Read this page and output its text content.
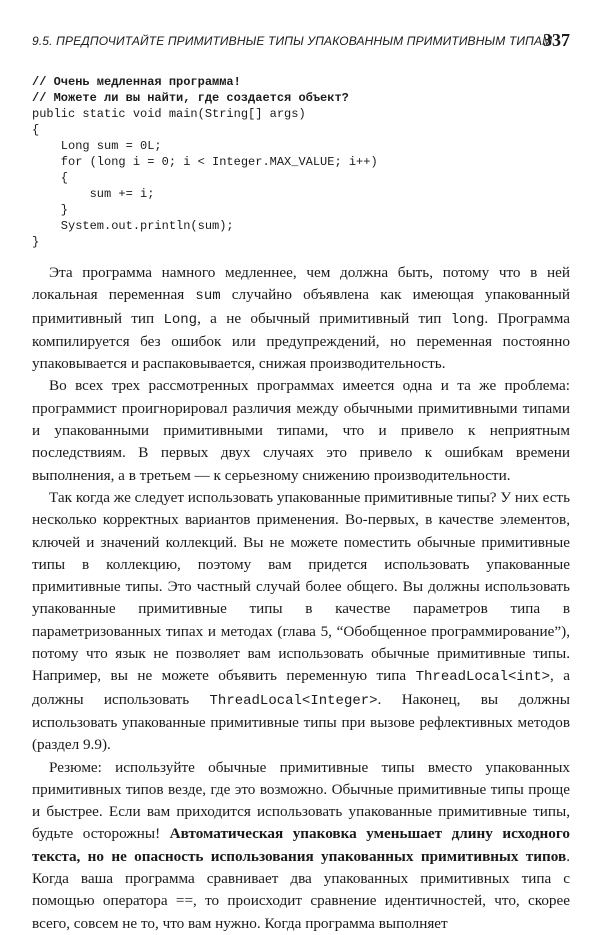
9.5. ПРЕДПОЧИТАЙТЕ ПРИМИТИВНЫЕ ТИПЫ УПАКОВАННЫМ ПРИМИТИВНЫМ ТИПАМ
337
// Очень медленная программа!
// Можете ли вы найти, где создается объект?
public static void main(String[] args)
{
Long sum = 0L;
for (long i = 0; i < Integer.MAX_VALUE; i++)
{
sum += i;
}
System.out.println(sum);
}

Эта программа намного медленнее, чем должна быть, потому что в ней локальная переменная sum случайно объявлена как имеющая упакованный примитивный тип Long, а не обычный примитивный тип long. Программа компилируется без ошибок или предупреждений, но переменная постоянно упаковывается и распаковывается, снижая производительность.

Во всех трех рассмотренных программах имеется одна и та же проблема: программист проигнорировал различия между обычными примитивными типами и упакованными примитивными типами, что и привело к неприятным последствиям. В первых двух случаях это привело к ошибкам времени выполнения, а в третьем — к серьезному снижению производительности.

Так когда же следует использовать упакованные примитивные типы? У них есть несколько корректных вариантов применения. Во-первых, в качестве элементов, ключей и значений коллекций. Вы не можете поместить обычные примитивные типы в коллекцию, поэтому вам придется использовать упакованные примитивные типы. Это частный случай более общего. Вы должны использовать упакованные примитивные типы в качестве параметров типа в параметризованных типах и методах (глава 5, “Обобщенное программирование”), потому что язык не позволяет вам использовать обычные примитивные типы. Например, вы не можете объявить переменную типа ThreadLocal<int>, а должны использовать ThreadLocal<Integer>. Наконец, вы должны использовать упакованные примитивные типы при вызове рефлективных методов (раздел 9.9).

Резюме: используйте обычные примитивные типы вместо упакованных примитивных типов везде, где это возможно. Обычные примитивные типы проще и быстрее. Если вам приходится использовать упакованные примитивные типы, будьте осторожны! Автоматическая упаковка уменьшает длину исходного текста, но не опасность использования упакованных примитивных типов. Когда ваша программа сравнивает два упакованных примитивных типа с помощью оператора ==, то происходит сравнение идентичностей, что, скорее всего, совсем не то, что вам нужно. Когда программа выполняет
